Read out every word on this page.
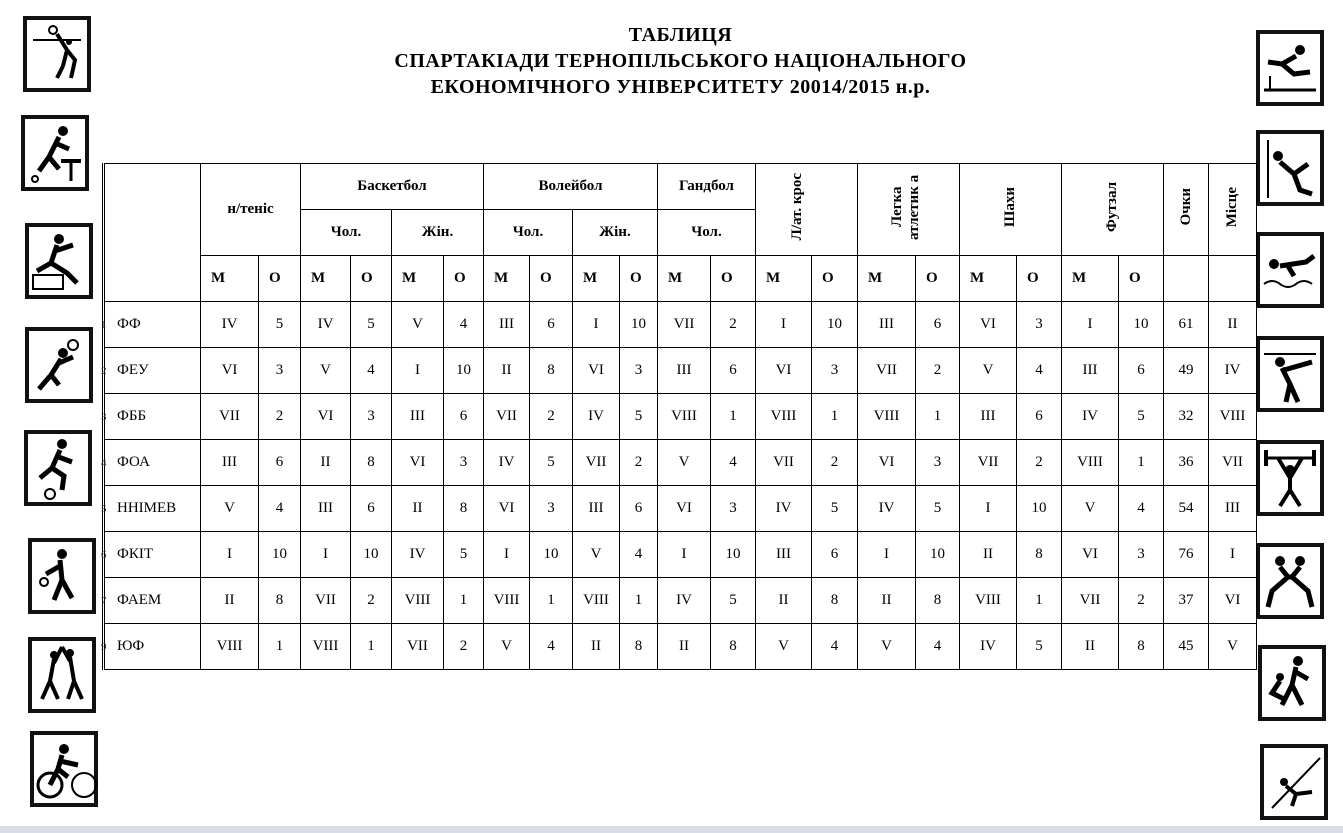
ТАБЛИЦЯ
СПАРТАКІАДИ ТЕРНОПІЛЬСЬКОГО НАЦІОНАЛЬНОГО
ЕКОНОМІЧНОГО УНІВЕРСИТЕТУ 20014/2015 н.р.
	н/теніс		Баскетбол				Волейбол				Гандбол		Л/ат. крос		Легка атлетик а		Шахи		Футзал		Очки	Місце
			Чол.		Жін.		Чол.		Жін.		Чол.											
	М	О	М	О	М	О	М	О	М	О	М	О	М	О	М	О	М	О	М	О		

1 ФФ	IV	5	IV	5	V	4	III	6	I	10	VII	2	I	10	III	6	VI	3	I	10	61	II

2 ФЕУ	VI	3	V	4	I	10	II	8	VI	3	III	6	VI	3	VII	2	V	4	III	6	49	IV

3 ФББ	VII	2	VI	3	III	6	VII	2	IV	5	VIII	1	VIII	1	VIII	1	III	6	IV	5	32	VIII

4 ФОА	III	6	II	8	VI	3	IV	5	VII	2	V	4	VII	2	VI	3	VII	2	VIII	1	36	VII

5 ННІМЕВ	V	4	III	6	II	8	VI	3	III	6	VI	3	IV	5	IV	5	I	10	V	4	54	III

6 ФКІТ	I	10	I	10	IV	5	I	10	V	4	I	10	III	6	I	10	II	8	VI	3	76	I

7 ФАЕМ	II	8	VII	2	VIII	1	VIII	1	VIII	1	IV	5	II	8	II	8	VIII	1	VII	2	37	VI

9 ЮФ	VIII	1	VIII	1	VII	2	V	4	II	8	II	8	V	4	V	4	IV	5	II	8	45	V
